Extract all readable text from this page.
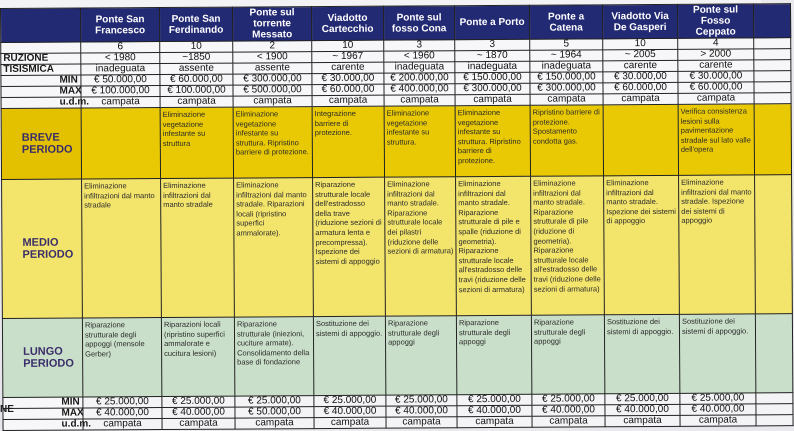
	Ponte San Francesco	Ponte San Ferdinando	Ponte sul torrente Messato	Viadotto Cartecchio	Ponte sul fosso Cona	Ponte a Porto	Ponte a Catena	Viadotto Via De Gasperi	Ponte sul Fosso Ceppato	
	6	10	2	10	3	3	5	10	4	
RUZIONE	< 1980	~1850	< 1900	~ 1967	< 1960	~ 1870	~ 1964	~ 2005	> 2000	
TISISMICA	inadeguata	assente	assente	carente	inadeguata	inadeguata	inadeguata	carente	carente	
MIN	€ 50.000,00	€ 60.000,00	€ 300.000,00	€ 30.000,00	€ 200.000,00	€ 150.000,00	€ 150.000,00	€ 30.000,00	€ 30.000,00	
MAX	€ 100.000,00	€ 100.000,00	€ 500.000,00	€ 60.000,00	€ 400.000,00	€ 300.000,00	€ 300.000,00	€ 60.000,00	€ 60.000,00	
u.d.m.	campata	campata	campata	campata	campata	campata	campata	campata	campata	
BREVE PERIODO		Eliminazione vegetazione infestante su struttura	Eliminazione vegetazione infestante su struttura. Ripristino barriere di protezione.	Integrazione barriere di protezione.	Eliminazione vegetazione infestante su struttura.	Eliminazione vegetazione infestante su struttura. Ripristino barriere di protezione.	Ripristino barriere di protezione. Spostamento condotta gas.		Verifica consistenza lesioni sulla pavimentazione stradale sul lato valle dell'opera	
MEDIO PERIODO	Eliminazione infiltrazioni dal manto stradale	Eliminazione infiltrazioni dal manto stradale	Eliminazione infiltrazioni dal manto stradale. Riparazioni locali (ripristino superfici ammalorate).	Riparazione strutturale locale dell'estradosso della trave (riduzione sezioni di armatura lenta e precompressa). Ispezione dei sistemi di appoggio	Eliminazione infiltrazioni dal manto stradale. Riparazione strutturale locale dei pilastri (riduzione delle sezioni di armatura)	Eliminazione infiltrazioni dal manto stradale. Riparazione strutturale di pile e spalle (riduzione di geometria). Riparazione strutturale locale all'estradosso delle travi (riduzione delle sezioni di armatura)	Eliminazione infiltrazioni dal manto stradale. Riparazione strutturale di pile (riduzione di geometria). Riparazione strutturale locale all'estradosso delle travi (riduzione delle sezioni di armatura)	Eliminazione infiltrazioni dal manto stradale. Ispezione dei sistemi di appoggio	Eliminazione infiltrazioni dal manto stradale. Ispezione dei sistemi di appoggio	
LUNGO PERIODO	Riparazione strutturale degli appoggi (mensole Gerber)	Riparazioni locali (ripristino superfici ammalorate e cucitura lesioni)	Riparazione strutturale (iniezioni, cuciture armate). Consolidamento della base di fondazione	Sostituzione dei sistemi di appoggio.	Riparazione strutturale degli appoggi	Riparazione strutturale degli appoggi	Riparazione strutturale degli appoggi	Sostituzione dei sistemi di appoggio.	Sostituzione dei sistemi di appoggio.	
MIN	€ 25.000,00	€ 25.000,00	€ 25.000,00	€ 25.000,00	€ 25.000,00	€ 25.000,00	€ 25.000,00	€ 25.000,00	€ 25.000,00	
MAX	€ 40.000,00	€ 40.000,00	€ 50.000,00	€ 40.000,00	€ 40.000,00	€ 40.000,00	€ 40.000,00	€ 40.000,00	€ 40.000,00	
u.d.m.	campata	campata	campata	campata	campata	campata	campata	campata	campata	
NE
